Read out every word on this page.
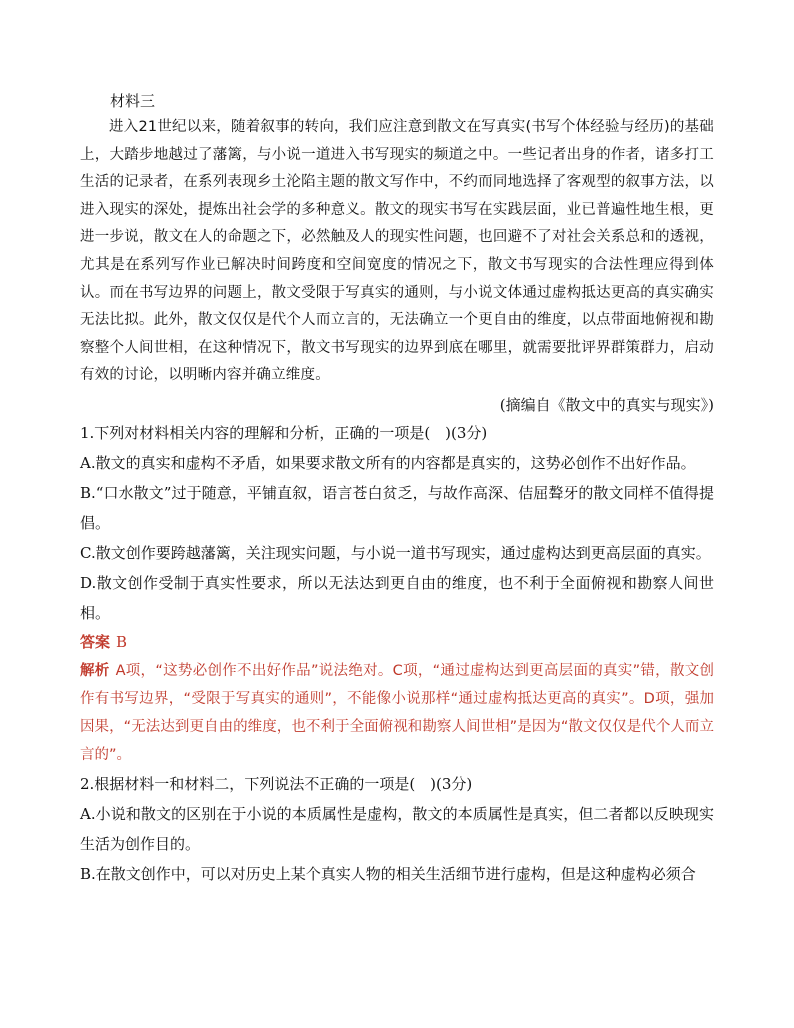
材料三
进入21世纪以来，随着叙事的转向，我们应注意到散文在写真实(书写个体经验与经历)的基础上，大踏步地越过了藩篱，与小说一道进入书写现实的频道之中。一些记者出身的作者，诸多打工生活的记录者，在系列表现乡土沦陷主题的散文写作中，不约而同地选择了客观型的叙事方法，以进入现实的深处，提炼出社会学的多种意义。散文的现实书写在实践层面，业已普遍性地生根，更进一步说，散文在人的命题之下，必然触及人的现实性问题，也回避不了对社会关系总和的透视，尤其是在系列写作业已解决时间跨度和空间宽度的情况之下，散文书写现实的合法性理应得到体认。而在书写边界的问题上，散文受限于写真实的通则，与小说文体通过虚构抵达更高的真实确实无法比拟。此外，散文仅仅是代个人而立言的，无法确立一个更自由的维度，以点带面地俯视和勘察整个人间世相，在这种情况下，散文书写现实的边界到底在哪里，就需要批评界群策群力，启动有效的讨论，以明晰内容并确立维度。
(摘编自《散文中的真实与现实》)
1.下列对材料相关内容的理解和分析，正确的一项是(　)(3分)
A.散文的真实和虚构不矛盾，如果要求散文所有的内容都是真实的，这势必创作不出好作品。
B.“口水散文”过于随意，平铺直叙，语言苍白贫乏，与故作高深、佶屈聱牙的散文同样不值得提倡。
C.散文创作要跨越藩篱，关注现实问题，与小说一道书写现实，通过虚构达到更高层面的真实。
D.散文创作受制于真实性要求，所以无法达到更自由的维度，也不利于全面俯视和勘察人间世相。
答案 B
解析 A项，“这势必创作不出好作品”说法绝对。C项，“通过虚构达到更高层面的真实”错，散文创作有书写边界，“受限于写真实的通则”，不能像小说那样“通过虚构抵达更高的真实”。D项，强加因果，“无法达到更自由的维度，也不利于全面俯视和勘察人间世相”是因为“散文仅仅是代个人而立言的”。
2.根据材料一和材料二，下列说法不正确的一项是(　)(3分)
A.小说和散文的区别在于小说的本质属性是虚构，散文的本质属性是真实，但二者都以反映现实生活为创作目的。
B.在散文创作中，可以对历史上某个真实人物的相关生活细节进行虚构，但是这种虚构必须合
